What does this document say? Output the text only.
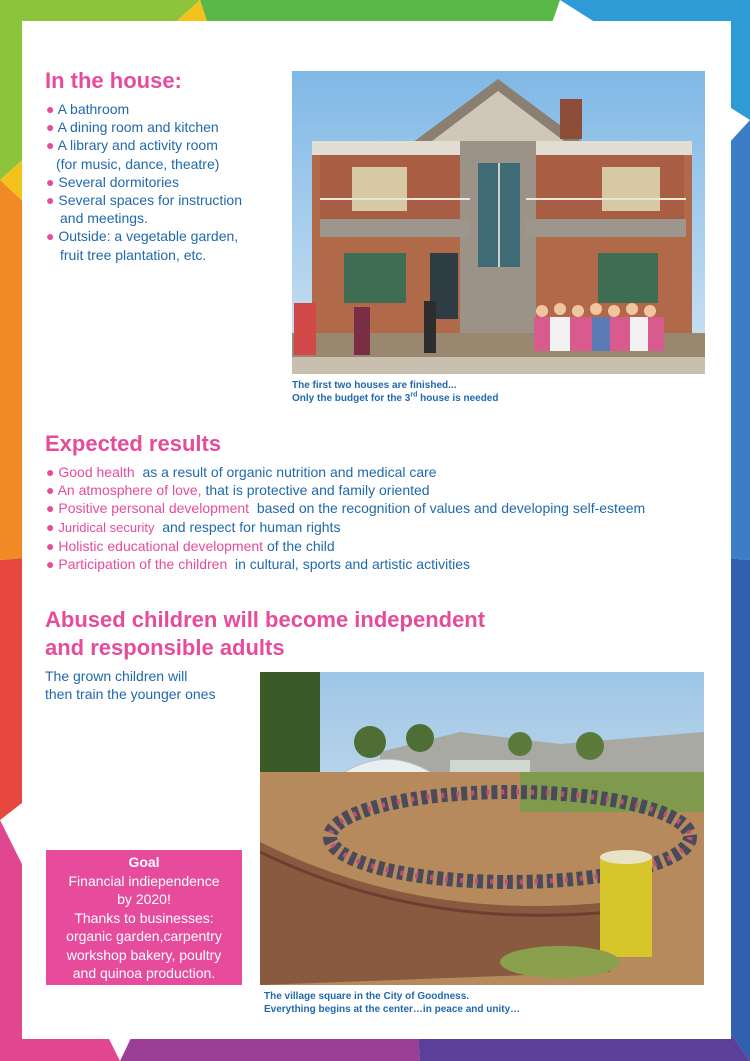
In the house:
● A bathroom
● A dining room and kitchen
● A library and activity room
(for music, dance, theatre)
● Several dormitories
● Several spaces for instruction
and meetings.
● Outside: a vegetable garden,
fruit tree plantation, etc.
The first two houses are finished...
Only the budget for the 3rd house is needed
Expected results
● Good health as a result of organic nutrition and medical care
● An atmosphere of love, that is protective and family oriented
● Positive personal development based on the recognition of values and developing self-esteem
● Juridical security and respect for human rights
● Holistic educational development of the child
● Participation of the children in cultural, sports and artistic activities
Abused children will become independent
and responsible adults
The grown children will
then train the younger ones
Goal
Financial indiependence
by 2020!
Thanks to businesses:
organic garden,carpentry
workshop bakery, poultry
and quinoa production.
The village square in the City of Goodness.
Everything begins at the center…in peace and unity…
